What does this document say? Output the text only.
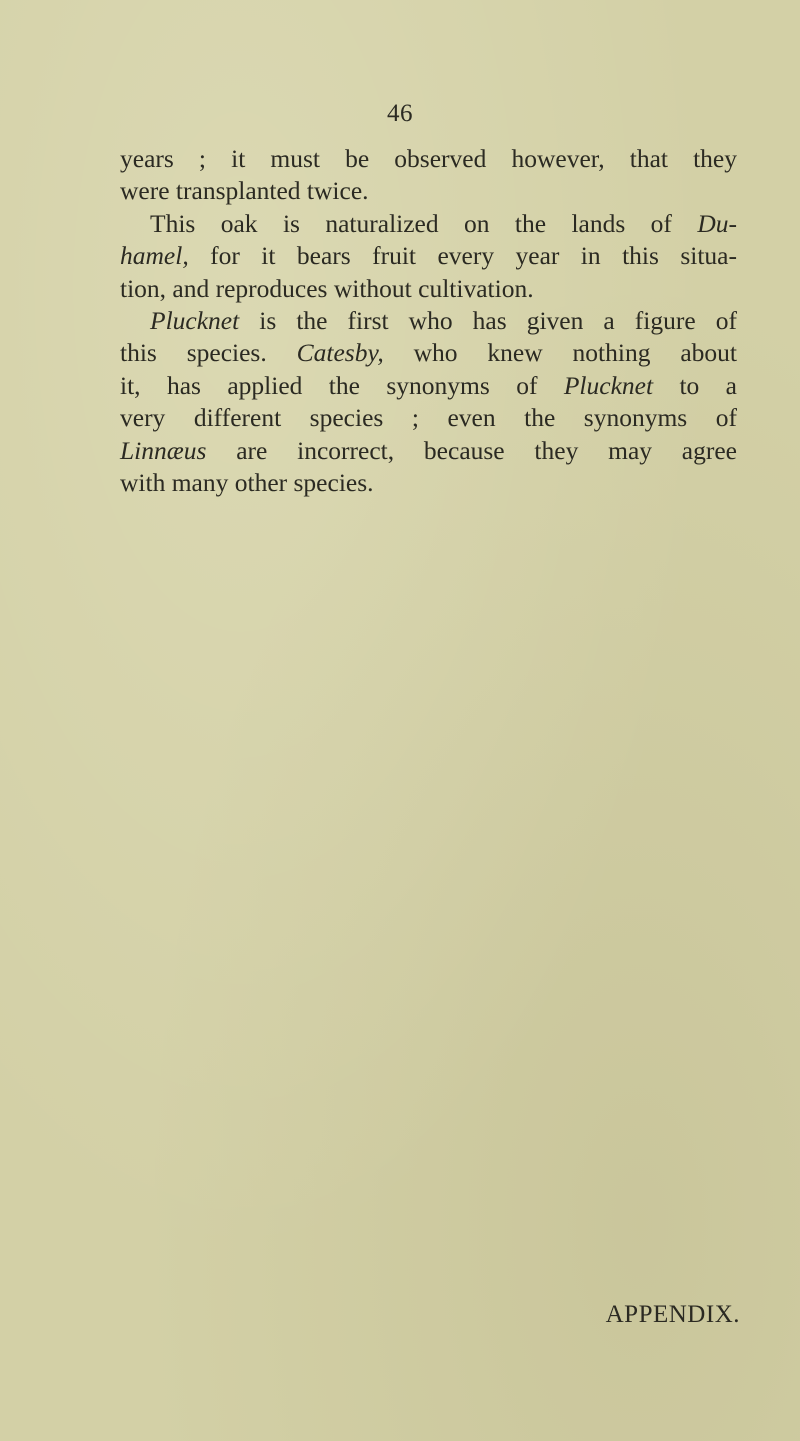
46
years ; it must be observed however, that they
were transplanted twice.
This oak is naturalized on the lands of Du-
hamel, for it bears fruit every year in this situa-
tion, and reproduces without cultivation.
Plucknet is the first who has given a figure of
this species. Catesby, who knew nothing about
it, has applied the synonyms of Plucknet to a
very different species ; even the synonyms of
Linnæus are incorrect, because they may agree
with many other species.
APPENDIX.
